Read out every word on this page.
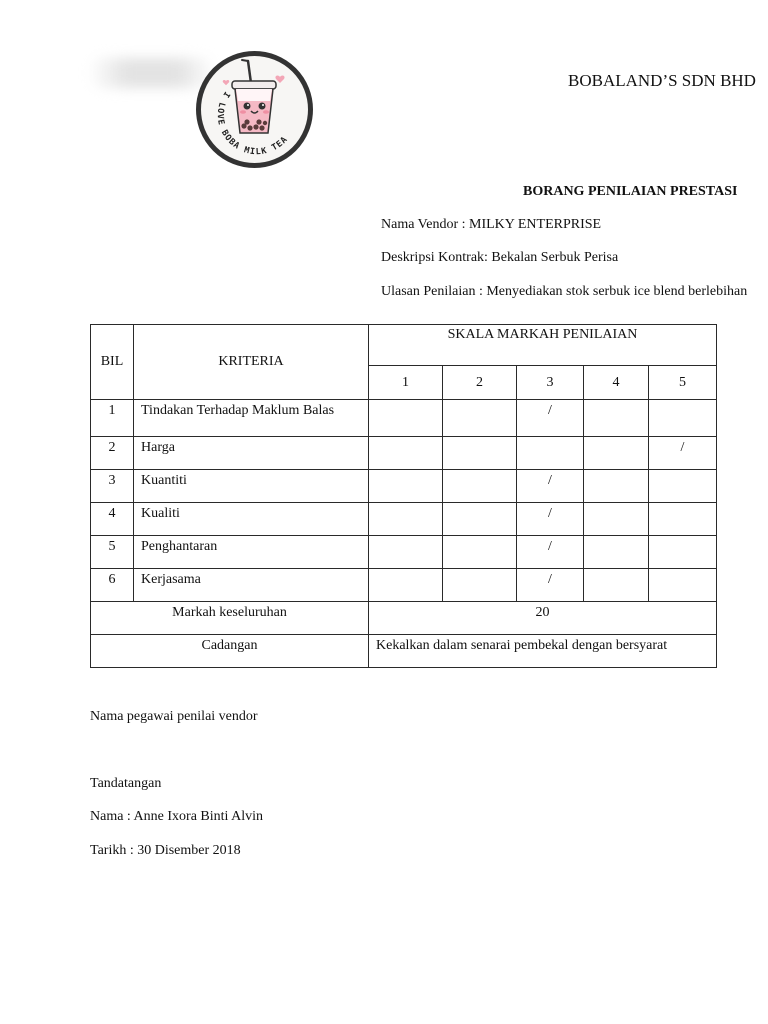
I LOVE BOBA MILK TEA
BOBALAND’S SDN BHD
BORANG PENILAIAN PRESTASI
Nama Vendor : MILKY ENTERPRISE
Deskripsi Kontrak: Bekalan Serbuk Perisa
Ulasan Penilaian : Menyediakan stok serbuk ice blend berlebihan
BIL	KRITERIA	SKALA MARKAH PENILAIAN				
		1	2	3	4	5
1	Tindakan Terhadap Maklum Balas			/		
2	Harga					/
3	Kuantiti			/		
4	Kualiti			/		
5	Penghantaran			/		
6	Kerjasama			/		
Markah keseluruhan		20				
Cadangan		Kekalkan dalam senarai pembekal dengan bersyarat				
Nama pegawai penilai vendor
Tandatangan
Nama : Anne Ixora Binti Alvin
Tarikh : 30 Disember 2018
